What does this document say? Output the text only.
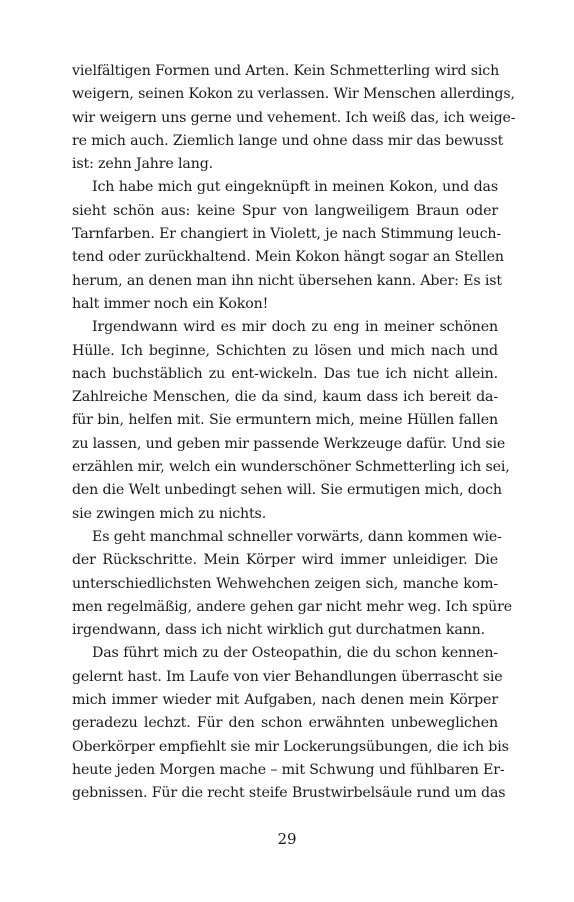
vielfältigen Formen und Arten. Kein Schmetterling wird sich
weigern, seinen Kokon zu verlassen. Wir Menschen allerdings,
wir weigern uns gerne und vehement. Ich weiß das, ich weige-
re mich auch. Ziemlich lange und ohne dass mir das bewusst
ist: zehn Jahre lang.
Ich habe mich gut eingeknüpft in meinen Kokon, und das
sieht schön aus: keine Spur von langweiligem Braun oder
Tarnfarben. Er changiert in Violett, je nach Stimmung leuch-
tend oder zurückhaltend. Mein Kokon hängt sogar an Stellen
herum, an denen man ihn nicht übersehen kann. Aber: Es ist
halt immer noch ein Kokon!
Irgendwann wird es mir doch zu eng in meiner schönen
Hülle. Ich beginne, Schichten zu lösen und mich nach und
nach buchstäblich zu ent-wickeln. Das tue ich nicht allein.
Zahlreiche Menschen, die da sind, kaum dass ich bereit da-
für bin, helfen mit. Sie ermuntern mich, meine Hüllen fallen
zu lassen, und geben mir passende Werkzeuge dafür. Und sie
erzählen mir, welch ein wunderschöner Schmetterling ich sei,
den die Welt unbedingt sehen will. Sie ermutigen mich, doch
sie zwingen mich zu nichts.
Es geht manchmal schneller vorwärts, dann kommen wie-
der Rückschritte. Mein Körper wird immer unleidiger. Die
unterschiedlichsten Wehwehchen zeigen sich, manche kom-
men regelmäßig, andere gehen gar nicht mehr weg. Ich spüre
irgendwann, dass ich nicht wirklich gut durchatmen kann.
Das führt mich zu der Osteopathin, die du schon kennen-
gelernt hast. Im Laufe von vier Behandlungen überrascht sie
mich immer wieder mit Aufgaben, nach denen mein Körper
geradezu lechzt. Für den schon erwähnten unbeweglichen
Oberkörper empfiehlt sie mir Lockerungsübungen, die ich bis
heute jeden Morgen mache – mit Schwung und fühlbaren Er-
gebnissen. Für die recht steife Brustwirbelsäule rund um das
29
